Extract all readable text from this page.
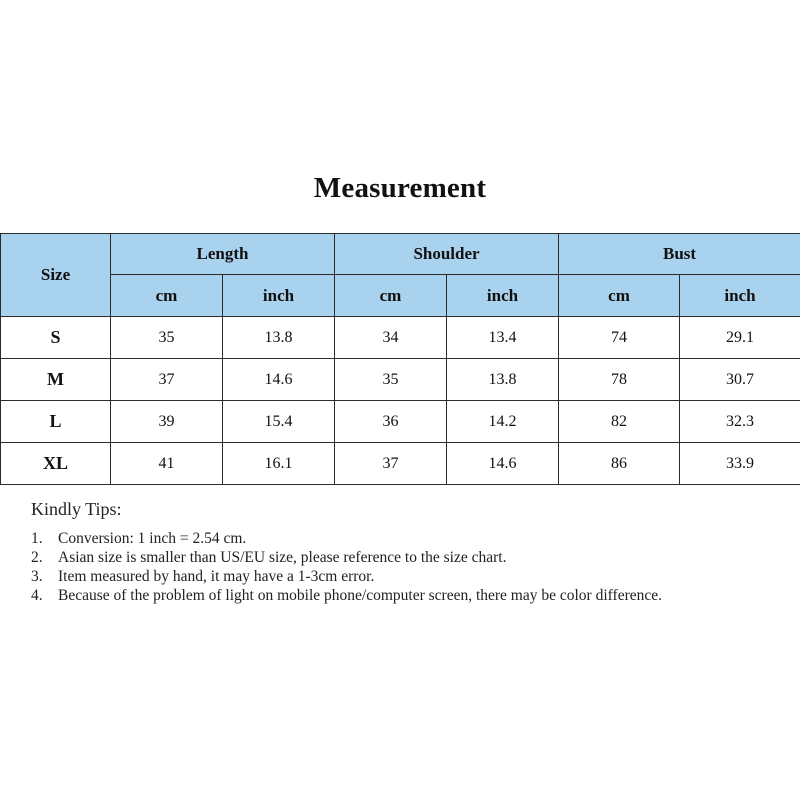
Measurement
Size	Length		Shoulder		Bust	
	cm	inch	cm	inch	cm	inch
S	35	13.8	34	13.4	74	29.1
M	37	14.6	35	13.8	78	30.7
L	39	15.4	36	14.2	82	32.3
XL	41	16.1	37	14.6	86	33.9
Kindly Tips:
1. Conversion: 1 inch = 2.54 cm.
2. Asian size is smaller than US/EU size, please reference to the size chart.
3. Item measured by hand, it may have a 1-3cm error.
4. Because of the problem of light on mobile phone/computer screen, there may be color difference.
